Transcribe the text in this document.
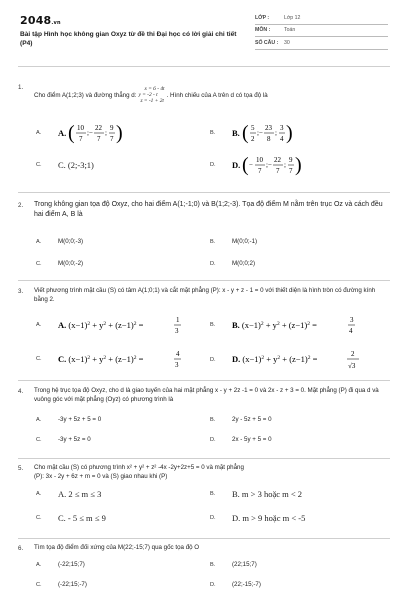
2048.vn
Bài tập Hình học không gian Oxyz từ đề thi Đại học có lời giải chi tiết (P4)
LỚP :	Lớp 12
MÔN :	Toán
SỐ CÂU :	30
1.
Cho điểm A(1;2;3) và đường thẳng d:
x = 6 - 4t
y = -2 - t
z = -1 + 2t
. Hình chiếu của A trên d có tọa độ là
A.	A. ( 10
7
;−
22
7
;
9
7 )	B.	B. ( 5
2
;−
23
8
;
3
4 )
C.	C. (2;-3;1)	D.	D. ( −
10
7
;−
22
7
;
9
7 )
2. Trong không gian tọa độ Oxyz, cho hai điểm A(1;-1;0) và B(1;2;-3). Tọa độ điểm M nằm trên trục Oz và cách đều hai điểm A, B là
A.	M(0;0;-3)	B.	M(0;0;-1)
C.	M(0;0;-2)	D.	M(0;0;2)
3. Viết phương trình mặt cầu (S) có tâm A(1;0;1) và cắt mặt phẳng (P): x - y + z - 1 = 0 với thiết diện là hình tròn có đường kính bằng 2.
A.	A. $(x-1)^2 + y^2 + (z-1)^2$ =	1
3
B.	B. $(x-1)^2 + y^2 + (z-1)^2$ =	3
4
C.	C. $(x-1)^2 + y^2 + (z-1)^2$ =	4
3
D.	D. $(x-1)^2 + y^2 + (z-1)^2$ =	2
√3
4. Trong hệ trục tọa độ Oxyz, cho d là giao tuyến của hai mặt phẳng x - y + 2z -1 = 0 và 2x - z + 3 = 0. Mặt phẳng (P) đi qua d và vuông góc với mặt phẳng (Oyz) có phương trình là
A.	-3y + 5z + 5 = 0	B.	2y - 5z + 5 = 0
C.	-3y + 5z = 0	D.	2x - 5y + 5 = 0
5. Cho mặt cầu (S) có phương trình x² + y² + z² -4x -2y+2z+5 = 0 và mặt phẳng
(P): 3x - 2y + 6z + m = 0 và (S) giao nhau khi (P)
A.	A. 2 ≤ m ≤ 3	B.	B. m > 3 hoặc m < 2
C.	C. - 5 ≤ m ≤ 9	D.	D. m > 9 hoặc m < -5
6. Tìm tọa độ điểm đối xứng của M(22;-15;7) qua gốc tọa độ O
A.	(-22;15;7)	B.	(22;15;7)
C.	(-22;15;-7)	D.	(22;-15;-7)
